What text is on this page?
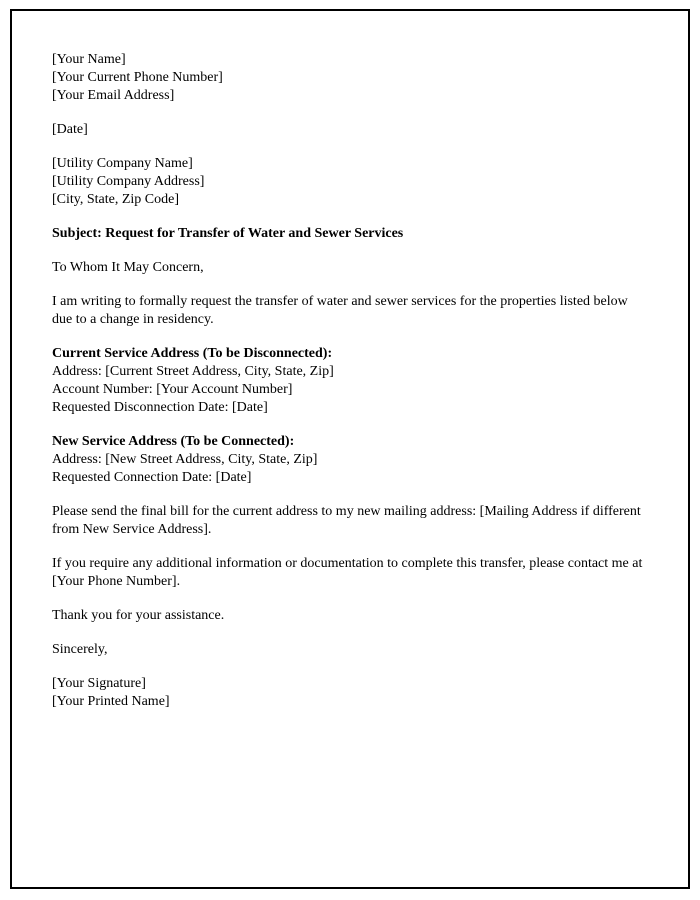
[Your Name]

[Your Current Phone Number]

[Your Email Address]

[Date]

[Utility Company Name]

[Utility Company Address]

[City, State, Zip Code]

Subject: Request for Transfer of Water and Sewer Services

To Whom It May Concern,

I am writing to formally request the transfer of water and sewer services for the properties listed below due to a change in residency.

Current Service Address (To be Disconnected):

Address: [Current Street Address, City, State, Zip]

Account Number: [Your Account Number]

Requested Disconnection Date: [Date]

New Service Address (To be Connected):

Address: [New Street Address, City, State, Zip]

Requested Connection Date: [Date]

Please send the final bill for the current address to my new mailing address: [Mailing Address if different from New Service Address].

If you require any additional information or documentation to complete this transfer, please contact me at [Your Phone Number].

Thank you for your assistance.

Sincerely,

[Your Signature]

[Your Printed Name]
